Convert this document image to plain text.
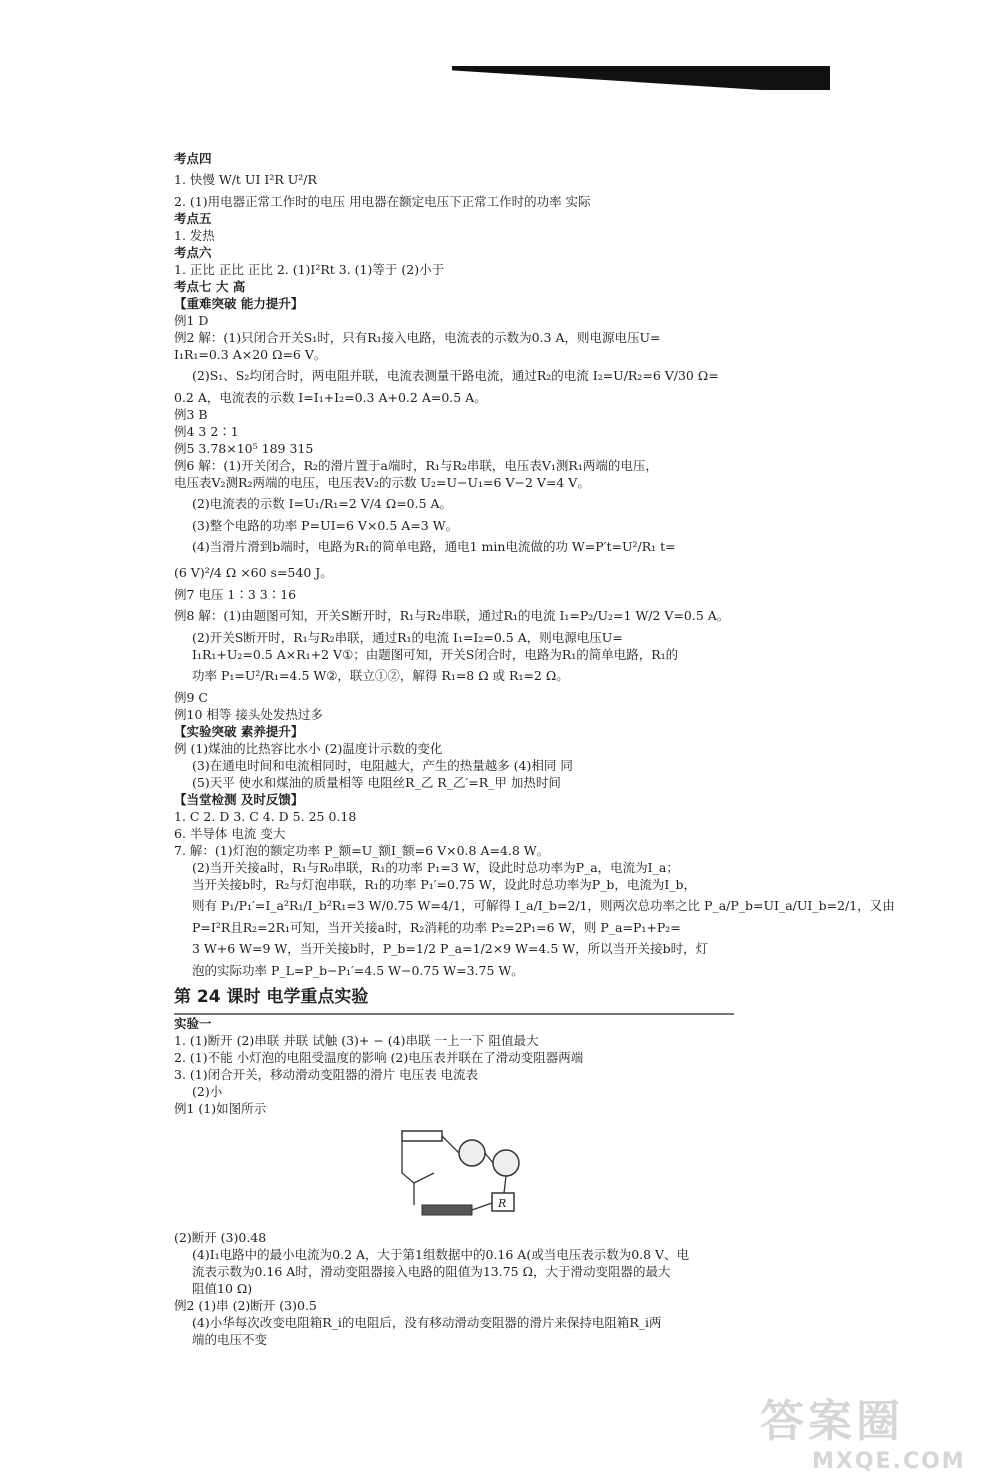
考点四
1. 快慢 W/t UI I²R U²/R
2. (1)用电器正常工作时的电压 用电器在额定电压下正常工作时的功率 实际
考点五
1. 发热
考点六
1. 正比 正比 正比 2. (1)I²Rt 3. (1)等于 (2)小于
考点七 大 高
【重难突破 能力提升】
例1 D
例2 解：(1)只闭合开关S₁时，只有R₁接入电路，电流表的示数为0.3 A，则电源电压U=
I₁R₁=0.3 A×20 Ω=6 V。
(2)S₁、S₂均闭合时，两电阻并联，电流表测量干路电流，通过R₂的电流 I₂=U/R₂=6 V/30 Ω=
0.2 A，电流表的示数 I=I₁+I₂=0.3 A+0.2 A=0.5 A。
例3 B
例4 3 2∶1
例5 3.78×10⁵ 189 315
例6 解：(1)开关闭合，R₂的滑片置于a端时，R₁与R₂串联，电压表V₁测R₁两端的电压，
电压表V₂测R₂两端的电压，电压表V₂的示数 U₂=U−U₁=6 V−2 V=4 V。
(2)电流表的示数 I=U₁/R₁=2 V/4 Ω=0.5 A。
(3)整个电路的功率 P=UI=6 V×0.5 A=3 W。
(4)当滑片滑到b端时，电路为R₁的简单电路，通电1 min电流做的功 W=P′t=U²/R₁ t=
(6 V)²/4 Ω ×60 s=540 J。
例7 电压 1∶3 3∶16
例8 解：(1)由题图可知，开关S断开时，R₁与R₂串联，通过R₁的电流 I₁=P₂/U₂=1 W/2 V=0.5 A。
(2)开关S断开时，R₁与R₂串联，通过R₁的电流 I₁=I₂=0.5 A，则电源电压U=
I₁R₁+U₂=0.5 A×R₁+2 V①；由题图可知，开关S闭合时，电路为R₁的简单电路，R₁的
功率 P₁=U²/R₁=4.5 W②，联立①②，解得 R₁=8 Ω 或 R₁=2 Ω。
例9 C
例10 相等 接头处发热过多
【实验突破 素养提升】
例 (1)煤油的比热容比水小 (2)温度计示数的变化
(3)在通电时间和电流相同时，电阻越大，产生的热量越多 (4)相同 同
(5)天平 使水和煤油的质量相等 电阻丝R_乙 R_乙′=R_甲 加热时间
【当堂检测 及时反馈】
1. C 2. D 3. C 4. D 5. 25 0.18
6. 半导体 电流 变大
7. 解：(1)灯泡的额定功率 P_额=U_额I_额=6 V×0.8 A=4.8 W。
(2)当开关接a时，R₁与R₀串联，R₁的功率 P₁=3 W，设此时总功率为P_a，电流为I_a；
当开关接b时，R₂与灯泡串联，R₁的功率 P₁′=0.75 W，设此时总功率为P_b，电流为I_b，
则有 P₁/P₁′=I_a²R₁/I_b²R₁=3 W/0.75 W=4/1，可解得 I_a/I_b=2/1，则两次总功率之比 P_a/P_b=UI_a/UI_b=2/1，又由
P=I²R且R₂=2R₁可知，当开关接a时，R₂消耗的功率 P₂=2P₁=6 W，则 P_a=P₁+P₂=
3 W+6 W=9 W，当开关接b时，P_b=1/2 P_a=1/2×9 W=4.5 W，所以当开关接b时，灯
泡的实际功率 P_L=P_b−P₁′=4.5 W−0.75 W=3.75 W。
第 24 课时 电学重点实验
实验一
1. (1)断开 (2)串联 并联 试触 (3)+ − (4)串联 一上一下 阻值最大
2. (1)不能 小灯泡的电阻受温度的影响 (2)电压表并联在了滑动变阻器两端
3. (1)闭合开关，移动滑动变阻器的滑片 电压表 电流表
(2)小
例1 (1)如图所示
R
(2)断开 (3)0.48
(4)Ⅰ₁电路中的最小电流为0.2 A，大于第1组数据中的0.16 A(或当电压表示数为0.8 V、电
流表示数为0.16 A时，滑动变阻器接入电路的阻值为13.75 Ω，大于滑动变阻器的最大
阻值10 Ω)
例2 (1)串 (2)断开 (3)0.5
(4)小华每次改变电阻箱R_i的电阻后，没有移动滑动变阻器的滑片来保持电阻箱R_i两
端的电压不变
答案圈
MXQE.COM
